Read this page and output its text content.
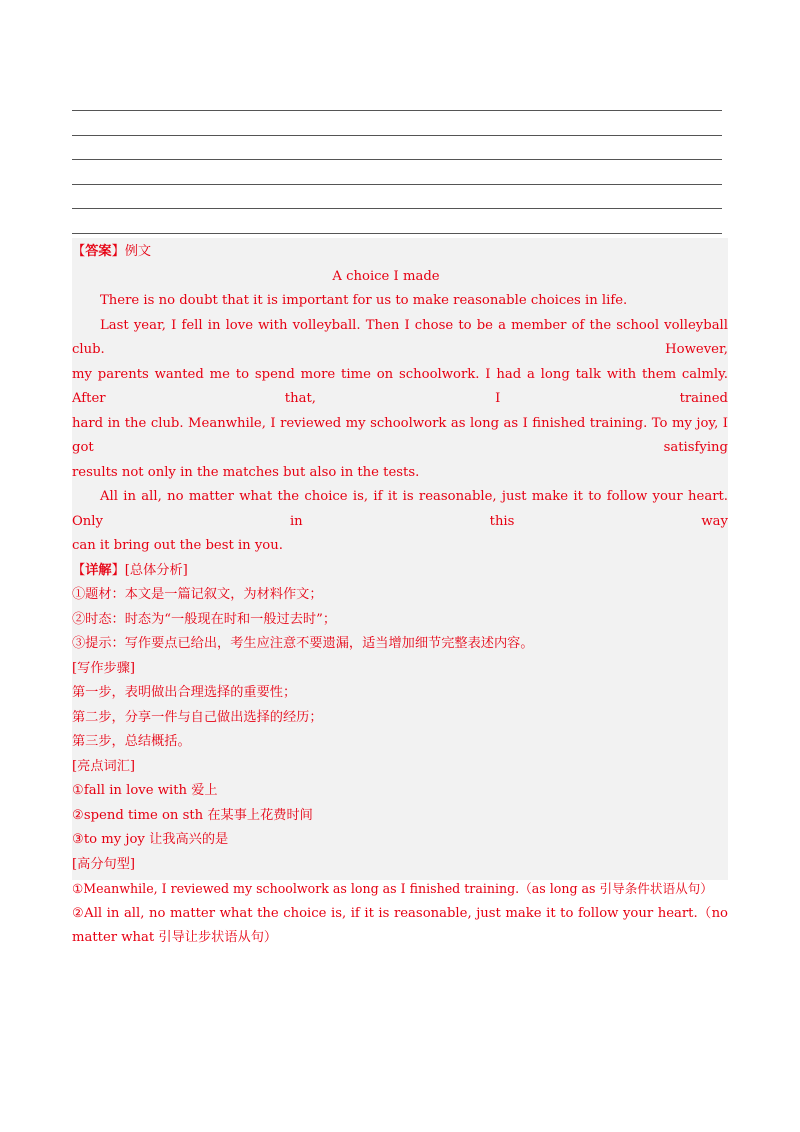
【答案】例文
A choice I made
There is no doubt that it is important for us to make reasonable choices in life.
Last year, I fell in love with volleyball. Then I chose to be a member of the school volleyball club. However,
my parents wanted me to spend more time on schoolwork. I had a long talk with them calmly. After that, I trained
hard in the club. Meanwhile, I reviewed my schoolwork as long as I finished training. To my joy, I got satisfying
results not only in the matches but also in the tests.
All in all, no matter what the choice is, if it is reasonable, just make it to follow your heart. Only in this way
can it bring out the best in you.
【详解】[总体分析]
①题材：本文是一篇记叙文，为材料作文；
②时态：时态为“一般现在时和一般过去时”；
③提示：写作要点已给出，考生应注意不要遗漏，适当增加细节完整表述内容。
[写作步骤]
第一步，表明做出合理选择的重要性；
第二步，分享一件与自己做出选择的经历；
第三步，总结概括。
[亮点词汇]
①fall in love with 爱上
②spend time on sth 在某事上花费时间
③to my joy 让我高兴的是
[高分句型]
①Meanwhile, I reviewed my schoolwork as long as I finished training.（as long as 引导条件状语从句）
②All in all, no matter what the choice is, if it is reasonable, just make it to follow your heart.（no matter what 引导让步状语从句）
